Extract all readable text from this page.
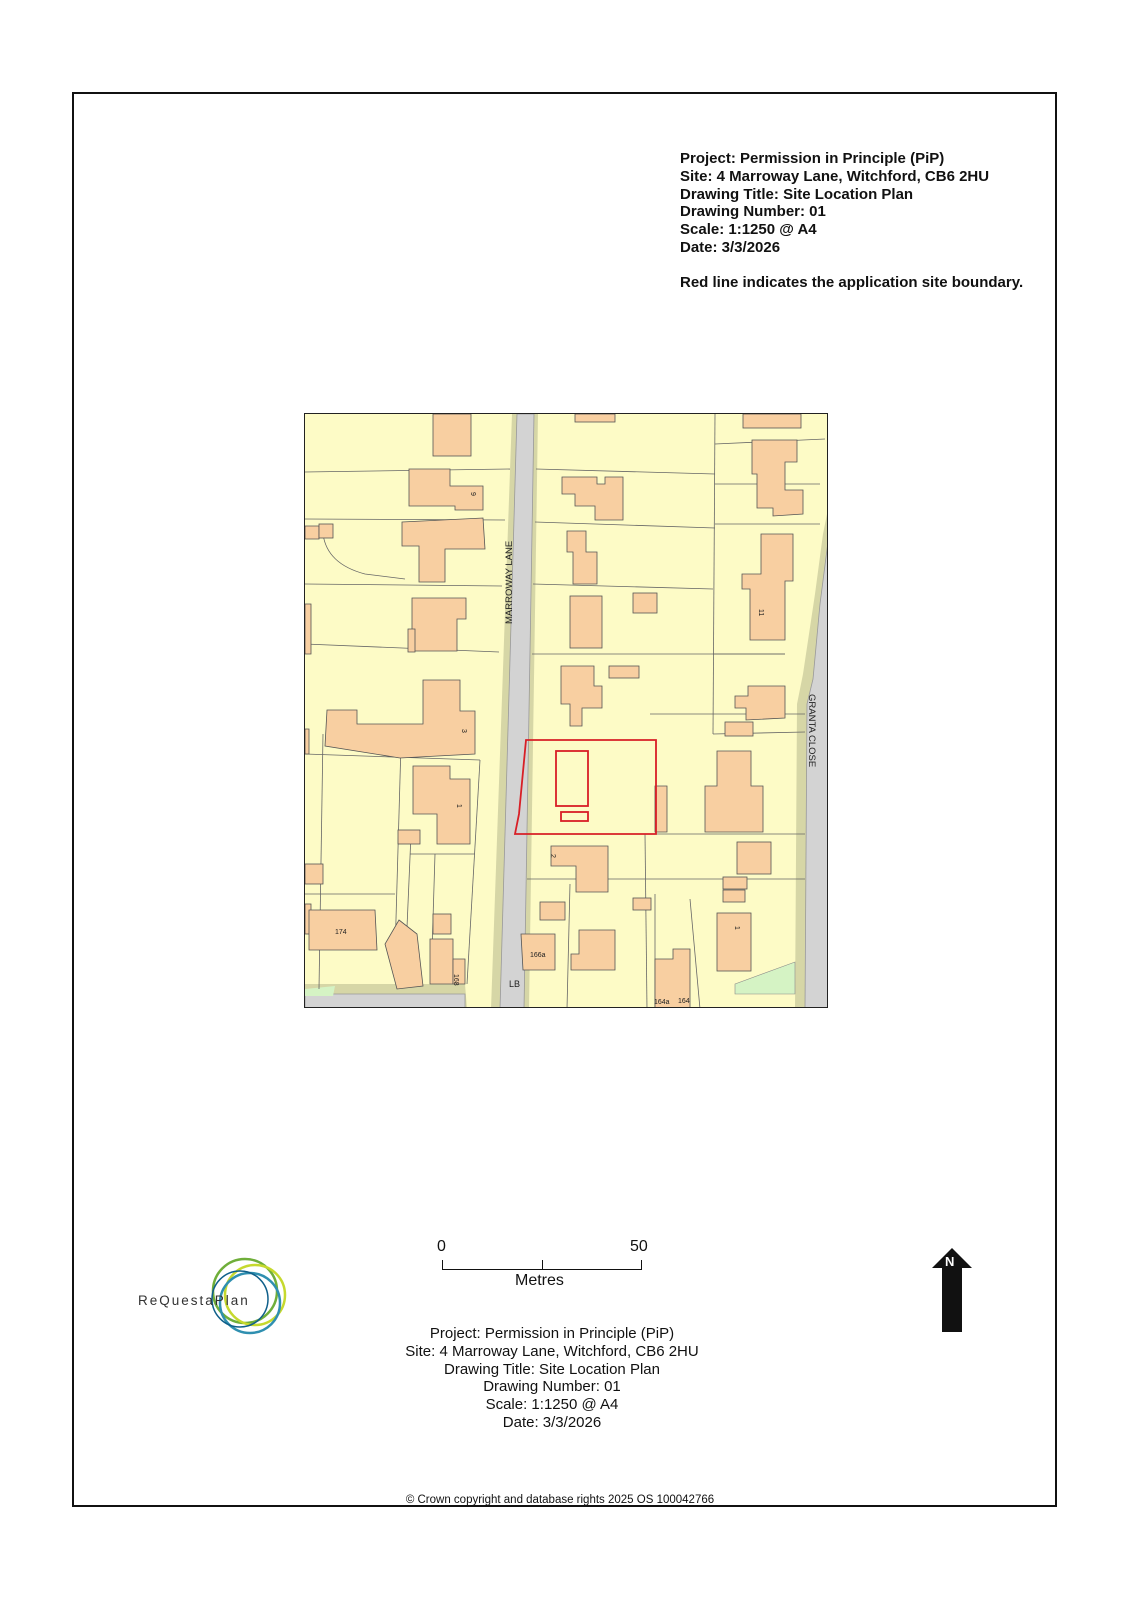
Project: Permission in Principle (PiP)
Site: 4 Marroway Lane, Witchford, CB6 2HU
Drawing Title: Site Location Plan
Drawing Number: 01
Scale: 1:1250 @ A4
Date: 3/3/2026
Red line indicates the application site boundary.
MARROWAY LANE
GRANTA CLOSE
9
3
1
2
174
168
166a
164a 164
11
1
LB
0	50
Metres
ReQuestaPlan
N
Project: Permission in Principle (PiP)
Site: 4 Marroway Lane, Witchford, CB6 2HU
Drawing Title: Site Location Plan
Drawing Number: 01
Scale: 1:1250 @ A4
Date: 3/3/2026
© Crown copyright and database rights 2025 OS 100042766
